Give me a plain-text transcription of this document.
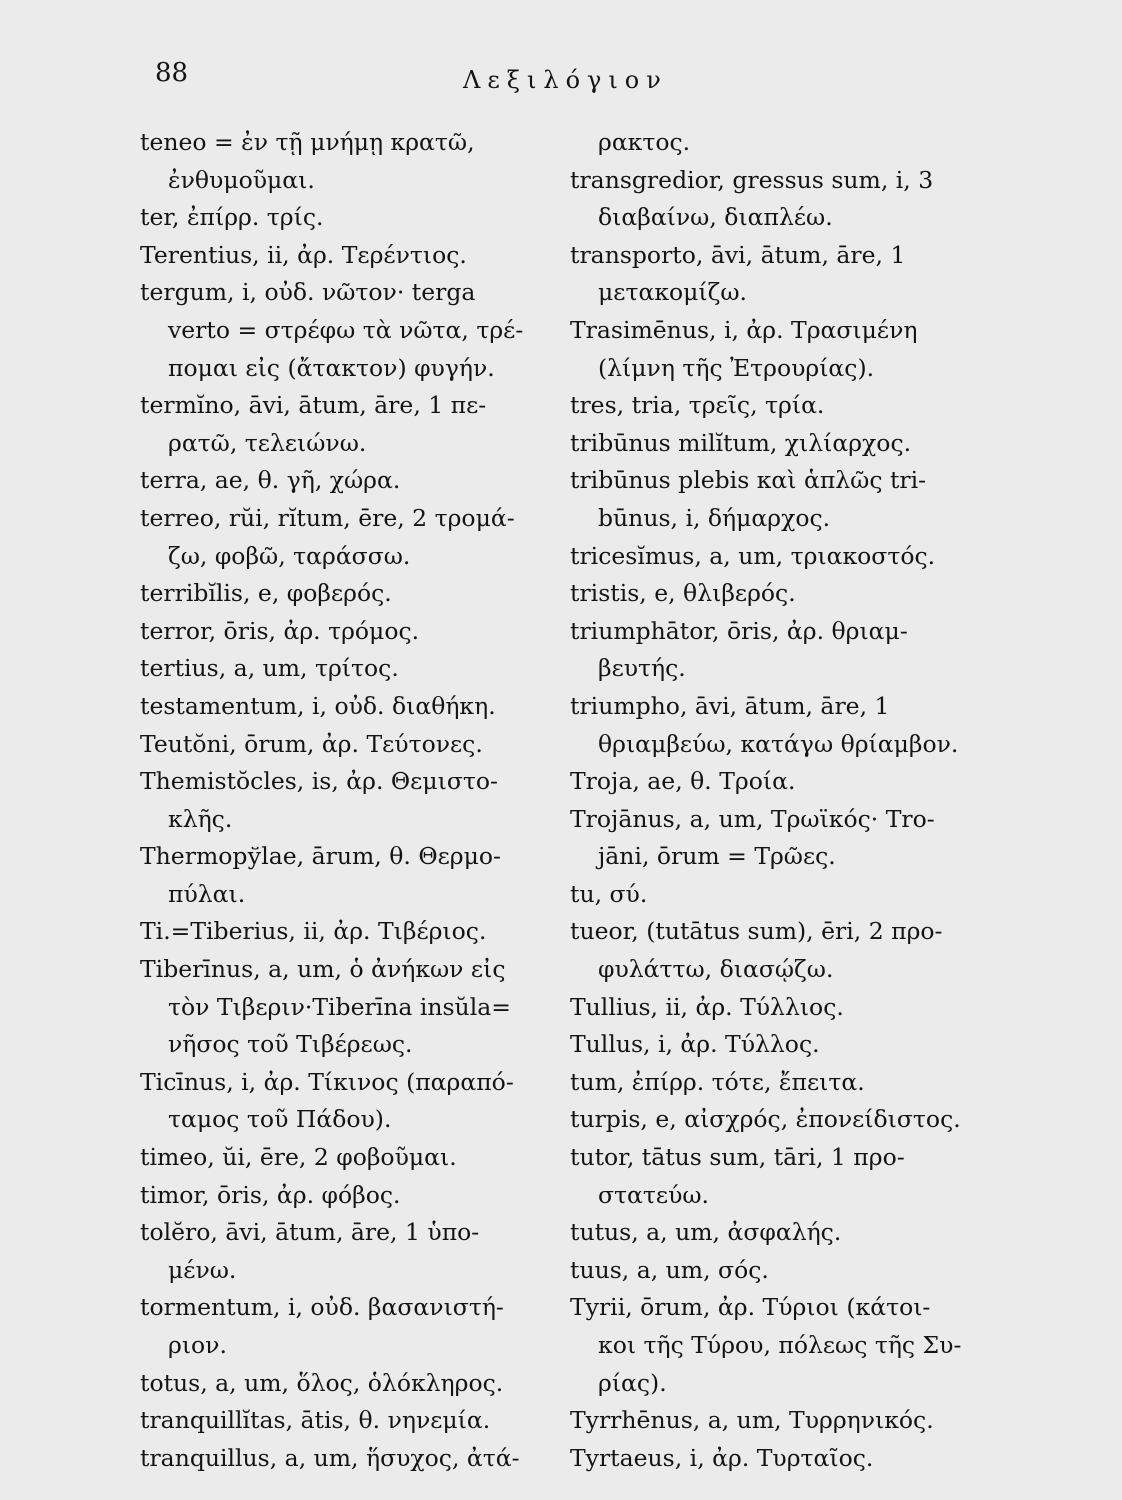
88	Λεξιλόγιον
teneo = ἐν τῇ μνήμῃ κρατῶ,
ἐνθυμοῦμαι.
ter, ἐπίρρ. τρίς.
Terentius, ii, ἀρ. Τερέντιος.
tergum, i, οὐδ. νῶτον· terga
verto = στρέφω τὰ νῶτα, τρέ-
πομαι εἰς (ἄτακτον) φυγήν.
termĭno, āvi, ātum, āre, 1 πε-
ρατῶ, τελειώνω.
terra, ae, θ. γῆ, χώρα.
terreo, rŭi, rĭtum, ēre, 2 τρομά-
ζω, φοβῶ, ταράσσω.
terribĭlis, e, φοβερός.
terror, ōris, ἀρ. τρόμος.
tertius, a, um, τρίτος.
testamentum, i, οὐδ. διαθήκη.
Teutŏni, ōrum, ἀρ. Τεύτονες.
Themistŏcles, is, ἀρ. Θεμιστο-
κλῆς.
Thermopўlae, ārum, θ. Θερμο-
πύλαι.
Ti.=Tiberius, ii, ἀρ. Τιβέριος.
Tiberīnus, a, um, ὁ ἀνήκων εἰς
τὸν Τιβεριν·Tiberīna insŭla=
νῆσος τοῦ Τιβέρεως.
Ticīnus, i, ἀρ. Τίκινος (παραπό-
ταμος τοῦ Πάδου).
timeo, ŭi, ēre, 2 φοβοῦμαι.
timor, ōris, ἀρ. φόβος.
tolĕro, āvi, ātum, āre, 1 ὑπο-
μένω.
tormentum, i, οὐδ. βασανιστή-
ριον.
totus, a, um, ὅλος, ὁλόκληρος.
tranquillĭtas, ātis, θ. νηνεμία.
tranquillus, a, um, ἥσυχος, ἀτά-
ρακτος.
transgredior, gressus sum, i, 3
διαβαίνω, διαπλέω.
transporto, āvi, ātum, āre, 1
μετακομίζω.
Trasimēnus, i, ἀρ. Τρασιμένη
(λίμνη τῆς Ἐτρουρίας).
tres, tria, τρεῖς, τρία.
tribūnus milĭtum, χιλίαρχος.
tribūnus plebis καὶ ἁπλῶς tri-
būnus, i, δήμαρχος.
tricesĭmus, a, um, τριακοστός.
tristis, e, θλιβερός.
triumphātor, ōris, ἀρ. θριαμ-
βευτής.
triumpho, āvi, ātum, āre, 1
θριαμβεύω, κατάγω θρίαμβον.
Troja, ae, θ. Τροία.
Trojānus, a, um, Τρωϊκός· Tro-
jāni, ōrum = Τρῶες.
tu, σύ.
tueor, (tutātus sum), ēri, 2 προ-
φυλάττω, διασῴζω.
Tullius, ii, ἀρ. Τύλλιος.
Tullus, i, ἀρ. Τύλλος.
tum, ἐπίρρ. τότε, ἔπειτα.
turpis, e, αἰσχρός, ἐπονείδιστος.
tutor, tātus sum, tāri, 1 προ-
στατεύω.
tutus, a, um, ἀσφαλής.
tuus, a, um, σός.
Tyrii, ōrum, ἀρ. Τύριοι (κάτοι-
κοι τῆς Τύρου, πόλεως τῆς Συ-
ρίας).
Tyrrhēnus, a, um, Τυρρηνικός.
Tyrtaeus, i, ἀρ. Τυρταῖος.
